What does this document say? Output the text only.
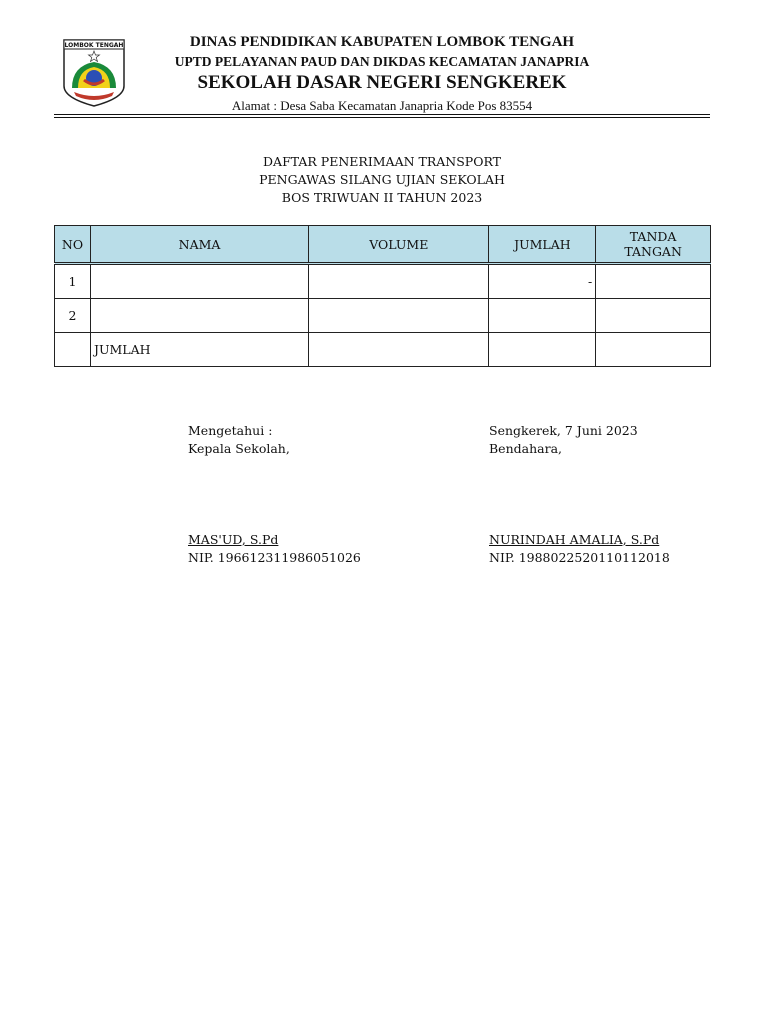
LOMBOK TENGAH	DINAS PENDIDIKAN KABUPATEN LOMBOK TENGAH
UPTD PELAYANAN PAUD DAN DIKDAS KECAMATAN JANAPRIA
SEKOLAH DASAR NEGERI SENGKEREK
Alamat : Desa Saba Kecamatan Janapria Kode Pos 83554
DAFTAR PENERIMAAN TRANSPORT
PENGAWAS SILANG UJIAN SEKOLAH
BOS TRIWUAN II TAHUN 2023
NO	NAMA	VOLUME	JUMLAH	TANDA TANGAN
1			-	
2				
	JUMLAH			
Mengetahui :
Kepala Sekolah,
MAS'UD, S.Pd
NIP. 196612311986051026
Sengkerek, 7 Juni 2023
Bendahara,
NURINDAH AMALIA, S.Pd
NIP. 198802252011011​2018
